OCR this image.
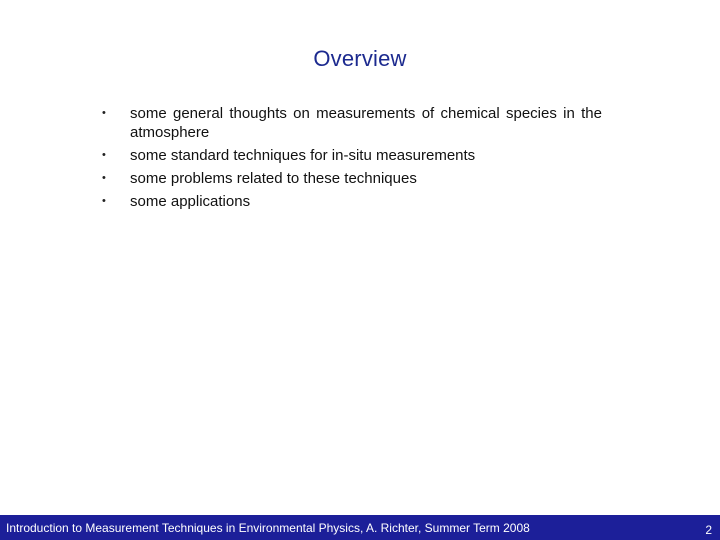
Overview
•	some general thoughts on measurements of chemical species in the atmosphere
•	some standard techniques for in-situ measurements
•	some problems related to these techniques
•	some applications
Introduction to Measurement Techniques in Environmental Physics, A. Richter, Summer Term 2008	2
